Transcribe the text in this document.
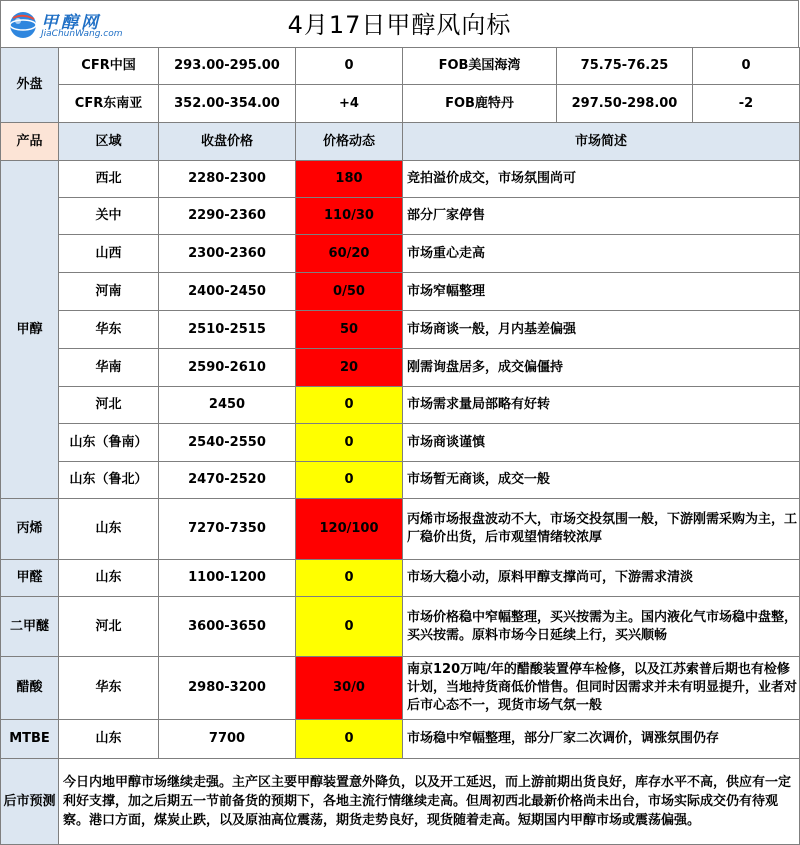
甲醇网
JiaChunWang.com	4月17日甲醇风向标
外盘	CFR中国	293.00-295.00	0	FOB美国海湾	75.75-76.25	0
	CFR东南亚	352.00-354.00	+4	FOB鹿特丹	297.50-298.00	-2
产品	区域	收盘价格	价格动态	市场简述		
甲醇	西北	2280-2300	180	竞拍溢价成交，市场氛围尚可		
	关中	2290-2360	110/30	部分厂家停售		
	山西	2300-2360	60/20	市场重心走高		
	河南	2400-2450	0/50	市场窄幅整理		
	华东	2510-2515	50	市场商谈一般，月内基差偏强		
	华南	2590-2610	20	刚需询盘居多，成交偏僵持		
	河北	2450	0	市场需求量局部略有好转		
	山东（鲁南）	2540-2550	0	市场商谈谨慎		
	山东（鲁北）	2470-2520	0	市场暂无商谈，成交一般		
丙烯	山东	7270-7350	120/100	丙烯市场报盘波动不大，市场交投氛围一般，下游刚需采购为主，工厂稳价出货，后市观望情绪较浓厚		
甲醛	山东	1100-1200	0	市场大稳小动，原料甲醇支撑尚可，下游需求清淡		
二甲醚	河北	3600-3650	0	市场价格稳中窄幅整理，买兴按需为主。国内液化气市场稳中盘整，买兴按需。原料市场今日延续上行，买兴顺畅		
醋酸	华东	2980-3200	30/0	南京120万吨/年的醋酸装置停车检修，以及江苏索普后期也有检修计划，当地持货商低价惜售。但同时因需求并未有明显提升，业者对后市心态不一，现货市场气氛一般		
MTBE	山东	7700	0	市场稳中窄幅整理，部分厂家二次调价，调涨氛围仍存		
后市预测	今日内地甲醇市场继续走强。主产区主要甲醇装置意外降负，以及开工延迟，而上游前期出货良好，库存水平不高，供应有一定利好支撑，加之后期五一节前备货的预期下，各地主流行情继续走高。但周初西北最新价格尚未出台，市场实际成交仍有待观察。港口方面，煤炭止跌，以及原油高位震荡，期货走势良好，现货随着走高。短期国内甲醇市场或震荡偏强。					
